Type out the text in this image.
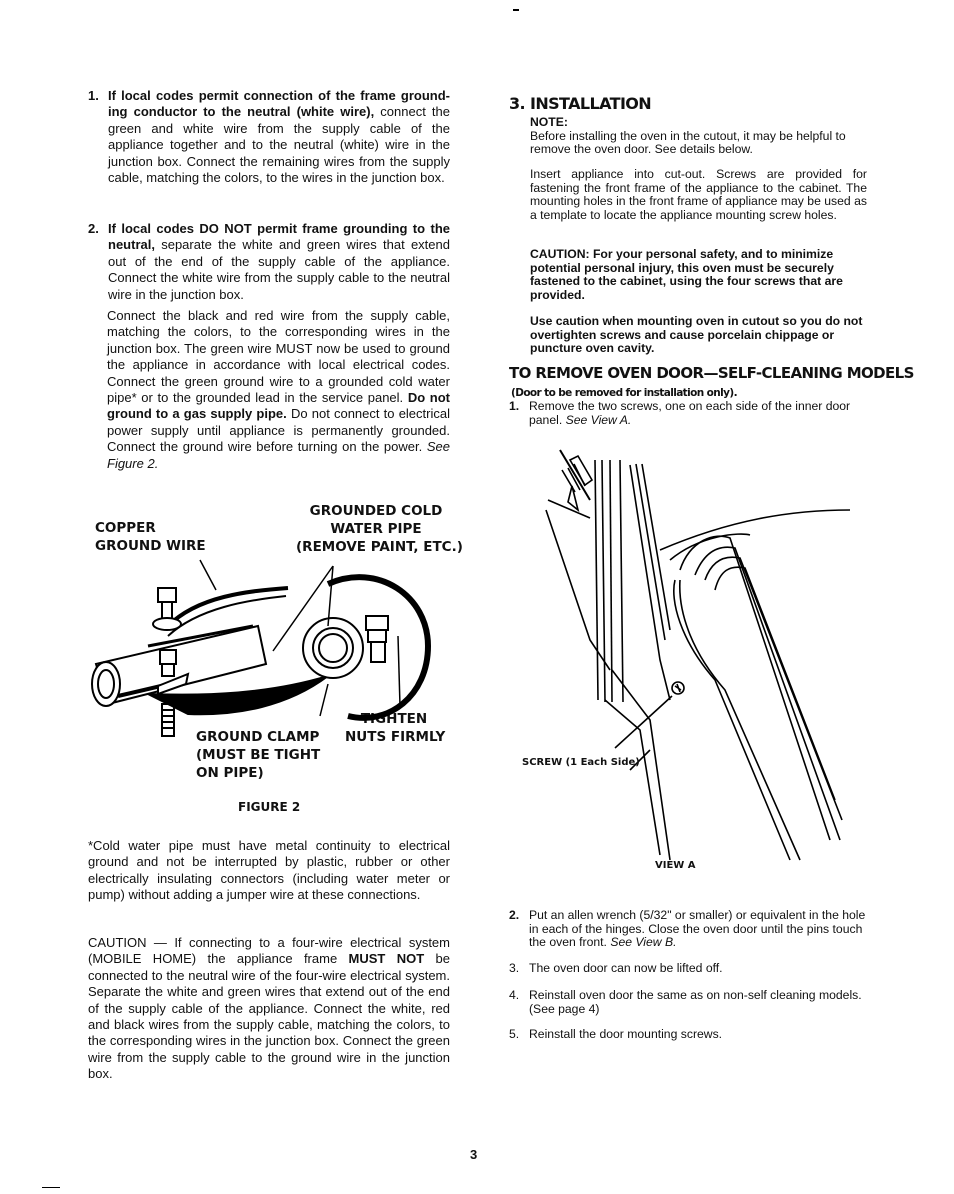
1. If local codes permit connection of the frame ground-ing conductor to the neutral (white wire), connect the green and white wire from the supply cable of the appliance together and to the neutral (white) wire in the junction box. Connect the remaining wires from the supply cable, matching the colors, to the wires in the junction box.

2. If local codes DO NOT permit frame grounding to the neutral, separate the white and green wires that extend out of the end of the supply cable of the appliance. Connect the white wire from the supply cable to the neutral wire in the junction box.

Connect the black and red wire from the supply cable, matching the colors, to the corresponding wires in the junction box. The green wire MUST now be used to ground the appliance in accordance with local electrical codes. Connect the green ground wire to a grounded cold water pipe* or to the grounded lead in the service panel. Do not ground to a gas supply pipe. Do not connect to electrical power supply until appliance is permanently grounded. Connect the ground wire before turning on the power. See Figure 2.

COPPER
GROUND WIRE
GROUNDED COLD
WATER PIPE
(REMOVE PAINT, ETC.)
TIGHTEN
NUTS FIRMLY
GROUND CLAMP
(MUST BE TIGHT
ON PIPE)
FIGURE 2

*Cold water pipe must have metal continuity to electrical ground and not be interrupted by plastic, rubber or other electrically insulating connectors (including water meter or pump) without adding a jumper wire at these connections.

CAUTION — If connecting to a four-wire electrical system (MOBILE HOME) the appliance frame MUST NOT be connected to the neutral wire of the four-wire electrical system. Separate the white and green wires that extend out of the end of the supply cable of the appliance. Connect the white, red and black wires from the supply cable, matching the colors, to the corresponding wires in the junction box. Connect the green wire from the supply cable to the ground wire in the junction box.

3. INSTALLATION

NOTE:

Before installing the oven in the cutout, it may be helpful to remove the oven door. See details below.

Insert appliance into cut-out. Screws are provided for fastening the front frame of the appliance to the cabinet. The mounting holes in the front frame of appliance may be used as a template to locate the appliance mounting screw holes.

CAUTION: For your personal safety, and to minimize potential personal injury, this oven must be securely fastened to the cabinet, using the four screws that are provided.

Use caution when mounting oven in cutout so you do not overtighten screws and cause porcelain chippage or puncture oven cavity.

TO REMOVE OVEN DOOR—SELF-CLEANING MODELS
(Door to be removed for installation only).

1. Remove the two screws, one on each side of the inner door panel. See View A.

SCREW (1 Each Side)
VIEW A

2. Put an allen wrench (5/32" or smaller) or equivalent in the hole in each of the hinges. Close the oven door until the pins touch the oven front. See View B.

3. The oven door can now be lifted off.

4. Reinstall oven door the same as on non-self cleaning models. (See page 4)

5. Reinstall the door mounting screws.

3
